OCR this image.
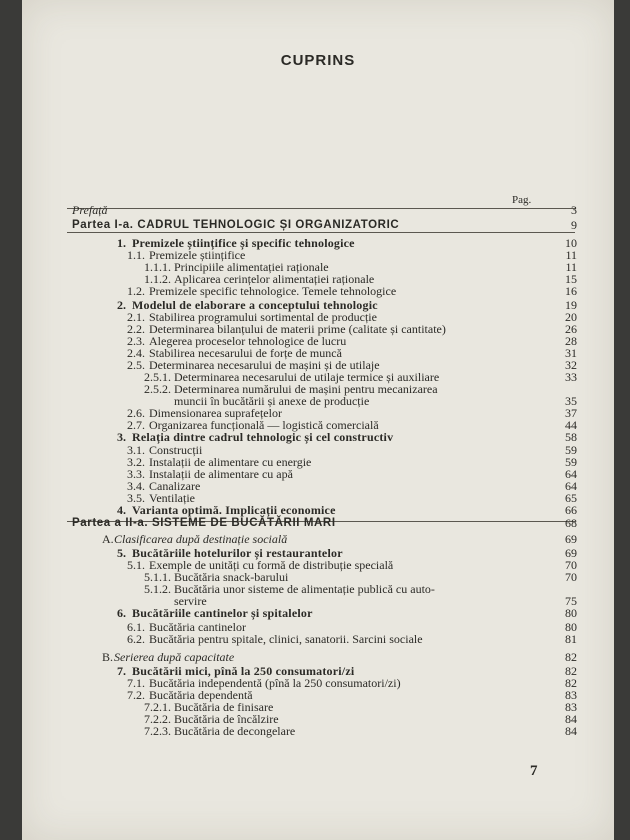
CUPRINS
Pag.
Prefață	3
Partea I-a. CADRUL TEHNOLOGIC ȘI ORGANIZATORIC	9
1. Premizele științifice și specific tehnologice	10
1.1. Premizele științifice	11
1.1.1. Principiile alimentației raționale	11
1.1.2. Aplicarea cerințelor alimentației raționale	15
1.2. Premizele specific tehnologice. Temele tehnologice	16
2. Modelul de elaborare a conceptului tehnologic	19
2.1. Stabilirea programului sortimental de producție	20
2.2. Determinarea bilanțului de materii prime (calitate și cantitate)	26
2.3. Alegerea proceselor tehnologice de lucru	28
2.4. Stabilirea necesarului de forțe de muncă	31
2.5. Determinarea necesarului de mașini și de utilaje	32
2.5.1. Determinarea necesarului de utilaje termice și auxiliare	33
2.5.2. Determinarea numărului de mașini pentru mecanizarea
muncii în bucătării și anexe de producție	35
2.6. Dimensionarea suprafețelor	37
2.7. Organizarea funcțională — logistică comercială	44
3. Relația dintre cadrul tehnologic și cel constructiv	58
3.1. Construcții	59
3.2. Instalații de alimentare cu energie	59
3.3. Instalații de alimentare cu apă	64
3.4. Canalizare	64
3.5. Ventilație	65
4. Varianta optimă. Implicații economice	66
Partea a II-a. SISTEME DE BUCĂTĂRII MARI	68
A. Clasificarea după destinație socială	69
5. Bucătăriile hotelurilor și restaurantelor	69
5.1. Exemple de unități cu formă de distribuție specială	70
5.1.1. Bucătăria snack-barului	70
5.1.2. Bucătăria unor sisteme de alimentație publică cu auto-
servire	75
6. Bucătăriile cantinelor și spitalelor	80
6.1. Bucătăria cantinelor	80
6.2. Bucătăria pentru spitale, clinici, sanatorii. Sarcini sociale	81
B. Serierea după capacitate	82
7. Bucătării mici, pînă la 250 consumatori/zi	82
7.1. Bucătăria independentă (pînă la 250 consumatori/zi)	82
7.2. Bucătăria dependentă	83
7.2.1. Bucătăria de finisare	83
7.2.2. Bucătăria de încălzire	84
7.2.3. Bucătăria de decongelare	84
7
